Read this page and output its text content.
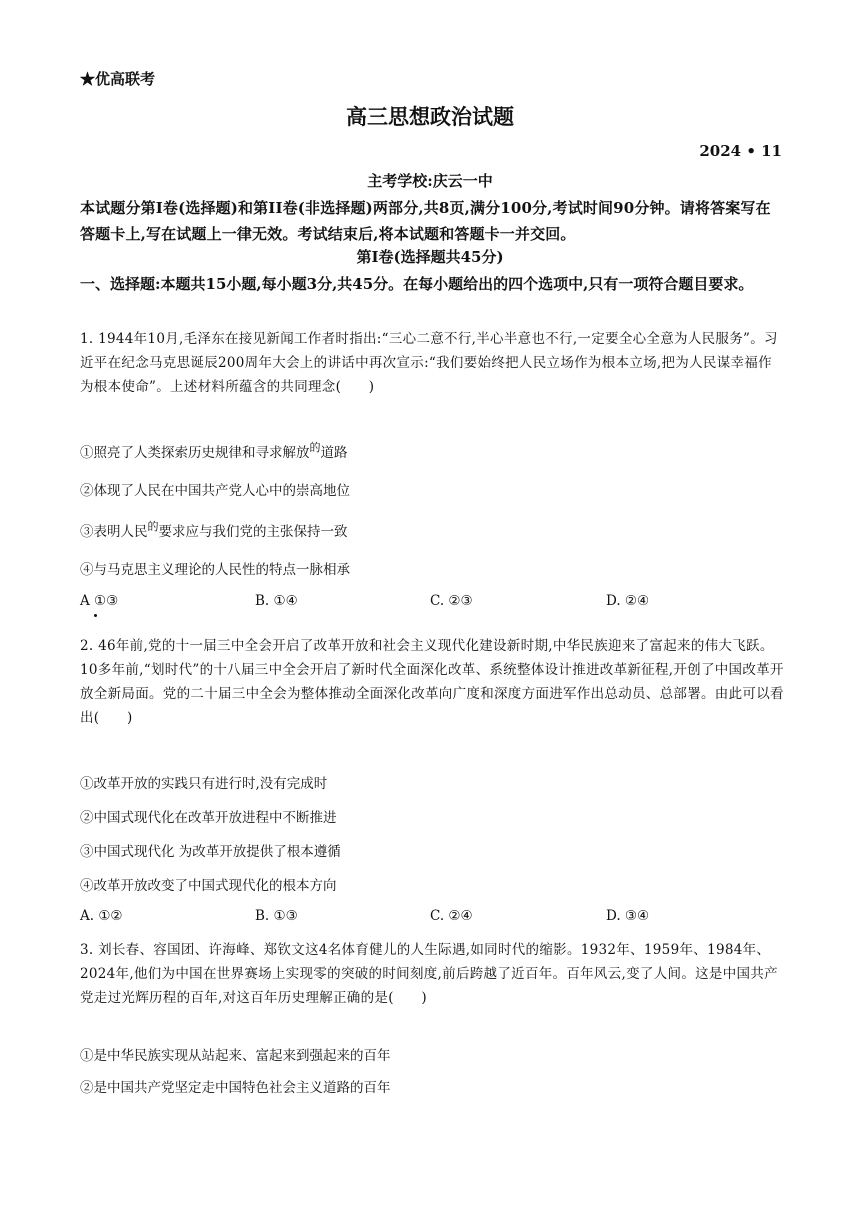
★优高联考
高三思想政治试题
2024 • 11
主考学校:庆云一中
本试题分第Ⅰ卷(选择题)和第II卷(非选择题)两部分,共8页,满分100分,考试时间90分钟。请将答案写在答题卡上,写在试题上一律无效。考试结束后,将本试题和答题卡一并交回。
第Ⅰ卷(选择题共45分)
一、选择题:本题共15小题,每小题3分,共45分。在每小题给出的四个选项中,只有一项符合题目要求。
1. 1944年10月,毛泽东在接见新闻工作者时指出:“三心二意不行,半心半意也不行,一定要全心全意为人民服务”。习近平在纪念马克思诞辰200周年大会上的讲话中再次宣示:“我们要始终把人民立场作为根本立场,把为人民谋幸福作为根本使命”。上述材料所蕴含的共同理念(　　)
①照亮了人类探索历史规律和寻求解放$^的$道路
②体现了人民在中国共产党人心中的崇高地位
③表明人民$^的$要求应与我们党的主张保持一致
④与马克思主义理论的人民性的特点一脉相承
A ①③	B. ①④	C. ②③	D. ②④
2. 46年前,党的十一届三中全会开启了改革开放和社会主义现代化建设新时期,中华民族迎来了富起来的伟大飞跃。10多年前,“划时代”的十八届三中全会开启了新时代全面深化改革、系统整体设计推进改革新征程,开创了中国改革开放全新局面。党的二十届三中全会为整体推动全面深化改革向广度和深度方面进军作出总动员、总部署。由此可以看出(　　)
①改革开放的实践只有进行时,没有完成时
②中国式现代化在改革开放进程中不断推进
③中国式现代化 为改革开放提供了根本遵循
④改革开放改变了中国式现代化的根本方向
A. ①②	B. ①③	C. ②④	D. ③④
3. 刘长春、容国团、许海峰、郑钦文这4名体育健儿的人生际遇,如同时代的缩影。1932年、1959年、1984年、2024年,他们为中国在世界赛场上实现零的突破的时间刻度,前后跨越了近百年。百年风云,变了人间。这是中国共产党走过光辉历程的百年,对这百年历史理解正确的是(　　)
①是中华民族实现从站起来、富起来到强起来的百年
②是中国共产党坚定走中国特色社会主义道路的百年
